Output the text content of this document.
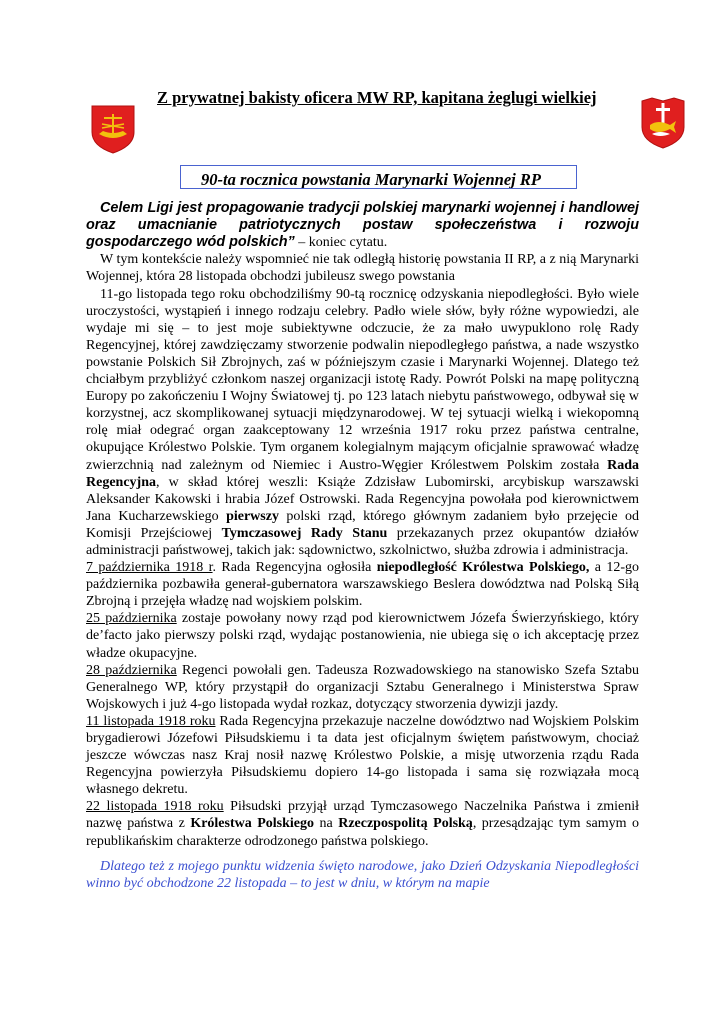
Z prywatnej bakisty oficera MW RP, kapitana żeglugi wielkiej
90-ta rocznica powstania Marynarki Wojennej RP

Celem Ligi jest propagowanie tradycji polskiej marynarki wojennej i handlowej oraz umacnianie patriotycznych postaw społeczeństwa i rozwoju gospodarczego wód polskich” – koniec cytatu.

W tym kontekście należy wspomnieć nie tak odległą historię powstania II RP, a z nią Marynarki Wojennej, która 28 listopada obchodzi jubileusz swego powstania

11-go listopada tego roku obchodziliśmy 90-tą rocznicę odzyskania niepodległości. Było wiele uroczystości, wystąpień i innego rodzaju celebry. Padło wiele słów, były różne wypowiedzi, ale wydaje mi się – to jest moje subiektywne odczucie, że za mało uwypuklono rolę Rady Regencyjnej, której zawdzięczamy stworzenie podwalin niepodległego państwa, a nade wszystko powstanie Polskich Sił Zbrojnych, zaś w późniejszym czasie i Marynarki Wojennej. Dlatego też chciałbym przybliżyć członkom naszej organizacji istotę Rady. Powrót Polski na mapę polityczną Europy po zakończeniu I Wojny Światowej tj. po 123 latach niebytu państwowego, odbywał się w korzystnej, acz skomplikowanej sytuacji międzynarodowej. W tej sytuacji wielką i wiekopomną rolę miał odegrać organ zaakceptowany 12 września 1917 roku przez państwa centralne, okupujące Królestwo Polskie. Tym organem kolegialnym mającym oficjalnie sprawować władzę zwierzchnią nad zależnym od Niemiec i Austro-Węgier Królestwem Polskim została Rada Regencyjna, w skład której weszli: Książe Zdzisław Lubomirski, arcybiskup warszawski Aleksander Kakowski i hrabia Józef Ostrowski. Rada Regencyjna powołała pod kierownictwem Jana Kucharzewskiego pierwszy polski rząd, którego głównym zadaniem było przejęcie od Komisji Przejściowej Tymczasowej Rady Stanu przekazanych przez okupantów działów administracji państwowej, takich jak: sądownictwo, szkolnictwo, służba zdrowia i administracja.

7 października 1918 r. Rada Regencyjna ogłosiła niepodległość Królestwa Polskiego, a 12-go października pozbawiła generał-gubernatora warszawskiego Beslera dowództwa nad Polską Siłą Zbrojną i przejęła władzę nad wojskiem polskim.

25 października zostaje powołany nowy rząd pod kierownictwem Józefa Świerzyńskiego, który de’facto jako pierwszy polski rząd, wydając postanowienia, nie ubiega się o ich akceptację przez władze okupacyjne.

28 października Regenci powołali gen. Tadeusza Rozwadowskiego na stanowisko Szefa Sztabu Generalnego WP, który przystąpił do organizacji Sztabu Generalnego i Ministerstwa Spraw Wojskowych i już 4-go listopada wydał rozkaz, dotyczący stworzenia dywizji jazdy.

11 listopada 1918 roku Rada Regencyjna przekazuje naczelne dowództwo nad Wojskiem Polskim brygadierowi Józefowi Piłsudskiemu i ta data jest oficjalnym świętem państwowym, chociaż jeszcze wówczas nasz Kraj nosił nazwę Królestwo Polskie, a misję utworzenia rządu Rada Regencyjna powierzyła Piłsudskiemu dopiero 14-go listopada i sama się rozwiązała mocą własnego dekretu.

22 listopada 1918 roku Piłsudski przyjął urząd Tymczasowego Naczelnika Państwa i zmienił nazwę państwa z Królestwa Polskiego na Rzeczpospolitą Polską, przesądzając tym samym o republikańskim charakterze odrodzonego państwa polskiego.

Dlatego też z mojego punktu widzenia święto narodowe, jako Dzień Odzyskania Niepodległości winno być obchodzone 22 listopada – to jest w dniu, w którym na mapie
